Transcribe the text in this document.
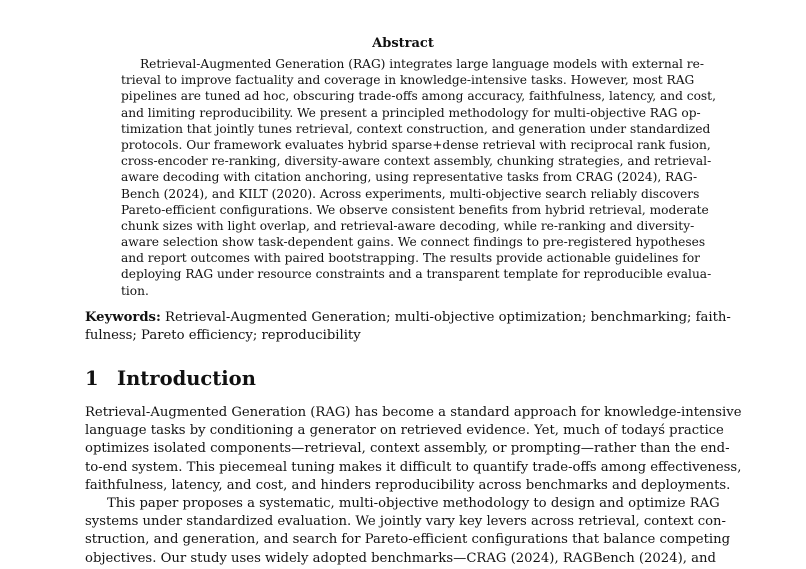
Abstract
Retrieval-Augmented Generation (RAG) integrates large language models with external re-
trieval to improve factuality and coverage in knowledge-intensive tasks. However, most RAG
pipelines are tuned ad hoc, obscuring trade-offs among accuracy, faithfulness, latency, and cost,
and limiting reproducibility. We present a principled methodology for multi-objective RAG op-
timization that jointly tunes retrieval, context construction, and generation under standardized
protocols. Our framework evaluates hybrid sparse+dense retrieval with reciprocal rank fusion,
cross-encoder re-ranking, diversity-aware context assembly, chunking strategies, and retrieval-
aware decoding with citation anchoring, using representative tasks from CRAG (2024), RAG-
Bench (2024), and KILT (2020). Across experiments, multi-objective search reliably discovers
Pareto-efficient configurations. We observe consistent benefits from hybrid retrieval, moderate
chunk sizes with light overlap, and retrieval-aware decoding, while re-ranking and diversity-
aware selection show task-dependent gains. We connect findings to pre-registered hypotheses
and report outcomes with paired bootstrapping. The results provide actionable guidelines for
deploying RAG under resource constraints and a transparent template for reproducible evalua-
tion.
Keywords: Retrieval-Augmented Generation; multi-objective optimization; benchmarking; faith-
fulness; Pareto efficiency; reproducibility
1 Introduction
Retrieval-Augmented Generation (RAG) has become a standard approach for knowledge-intensive
language tasks by conditioning a generator on retrieved evidence. Yet, much of todayś practice
optimizes isolated components—retrieval, context assembly, or prompting—rather than the end-
to-end system. This piecemeal tuning makes it difficult to quantify trade-offs among effectiveness,
faithfulness, latency, and cost, and hinders reproducibility across benchmarks and deployments.
This paper proposes a systematic, multi-objective methodology to design and optimize RAG
systems under standardized evaluation. We jointly vary key levers across retrieval, context con-
struction, and generation, and search for Pareto-efficient configurations that balance competing
objectives. Our study uses widely adopted benchmarks—CRAG (2024), RAGBench (2024), and
